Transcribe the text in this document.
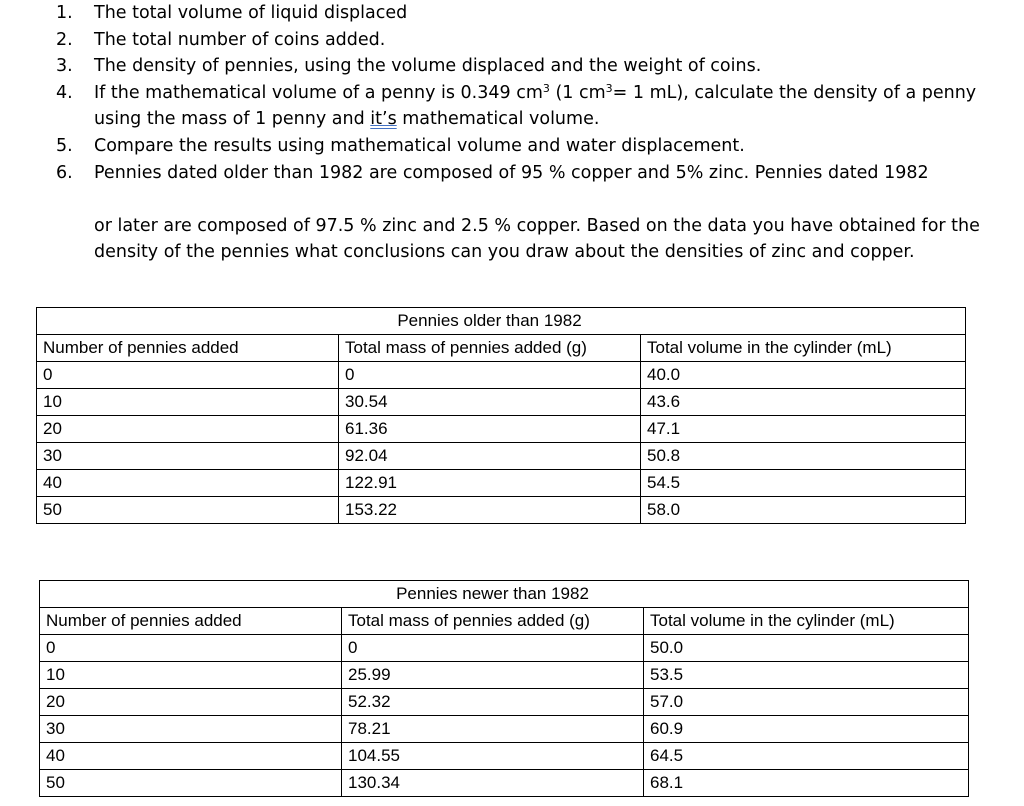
1. The total volume of liquid displaced
2. The total number of coins added.
3. The density of pennies, using the volume displaced and the weight of coins.
4. If the mathematical volume of a penny is 0.349 $cm^3$ (1 $cm^3= 1$ mL), calculate the density of a penny using the mass of 1 penny and it’s mathematical volume.
5. Compare the results using mathematical volume and water displacement.
6. Pennies dated older than 1982 are composed of 95 % copper and 5% zinc. Pennies dated 1982
or later are composed of 97.5 % zinc and 2.5 % copper. Based on the data you have obtained for the density of the pennies what conclusions can you draw about the densities of zinc and copper.
	Pennies older than 1982	
Number of pennies added	Total mass of pennies added (g)	Total volume in the cylinder (mL)
0	0	40.0
10	30.54	43.6
20	61.36	47.1
30	92.04	50.8
40	122.91	54.5
50	153.22	58.0
	Pennies newer than 1982	
Number of pennies added	Total mass of pennies added (g)	Total volume in the cylinder (mL)
0	0	50.0
10	25.99	53.5
20	52.32	57.0
30	78.21	60.9
40	104.55	64.5
50	130.34	68.1
